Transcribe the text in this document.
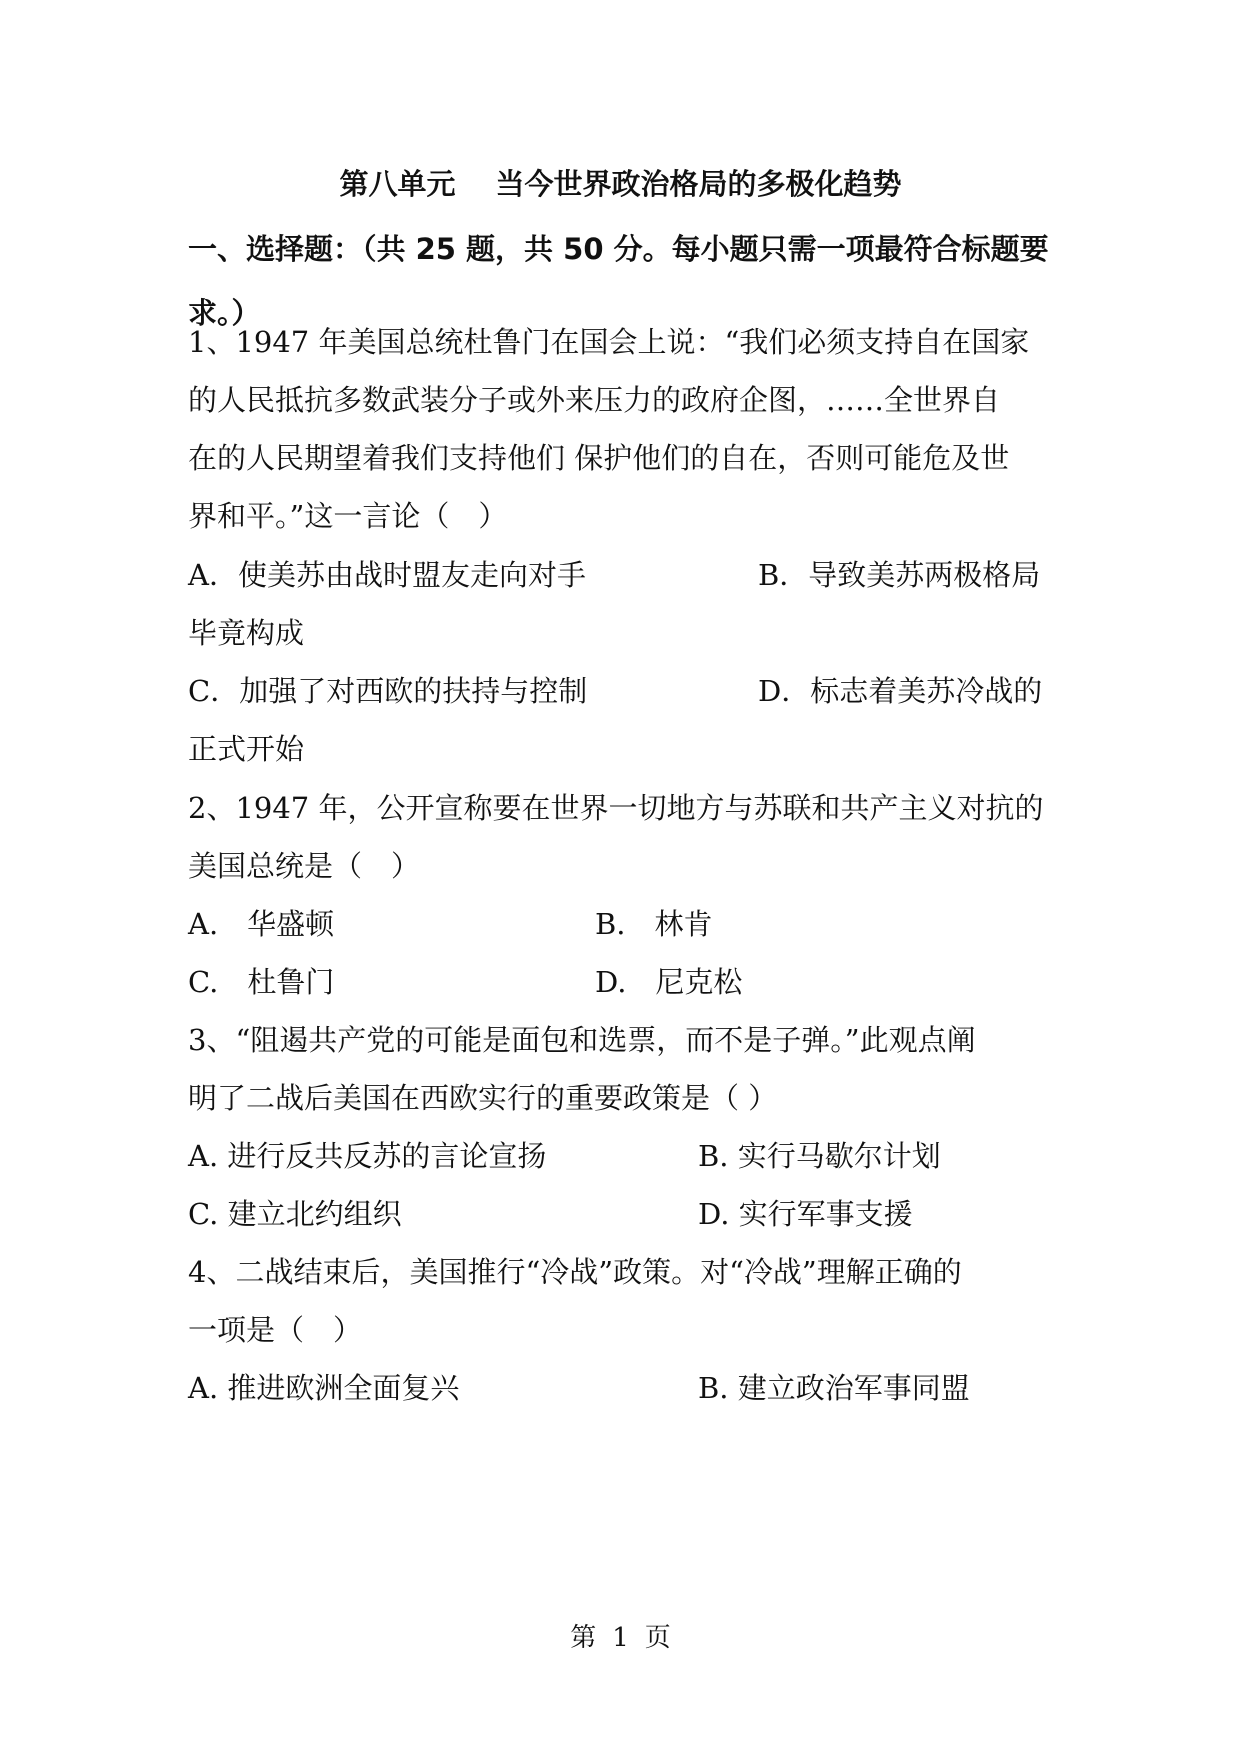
第八单元 当今世界政治格局的多极化趋势
一、选择题：（共 25 题，共 50 分。每小题只需一项最符合标题要求。）
1、1947 年美国总统杜鲁门在国会上说：“我们必须支持自在国家
的人民抵抗多数武装分子或外来压力的政府企图，……全世界自
在的人民期望着我们支持他们 保护他们的自在，否则可能危及世
界和平。”这一言论（　）
A．使美苏由战时盟友走向对手	B．导致美苏两极格局
毕竟构成
C．加强了对西欧的扶持与控制	D．标志着美苏冷战的
正式开始
2、1947 年，公开宣称要在世界一切地方与苏联和共产主义对抗的
美国总统是（　）
A.　华盛顿	B.　林肯
C.　杜鲁门	D.　尼克松
3、“阻遏共产党的可能是面包和选票，而不是子弹。”此观点阐
明了二战后美国在西欧实行的重要政策是（ ）
A. 进行反共反苏的言论宣扬	B. 实行马歇尔计划
C. 建立北约组织	D. 实行军事支援
4、二战结束后，美国推行“冷战”政策。对“冷战”理解正确的
一项是（　）
A. 推进欧洲全面复兴	B. 建立政治军事同盟
第 1 页
